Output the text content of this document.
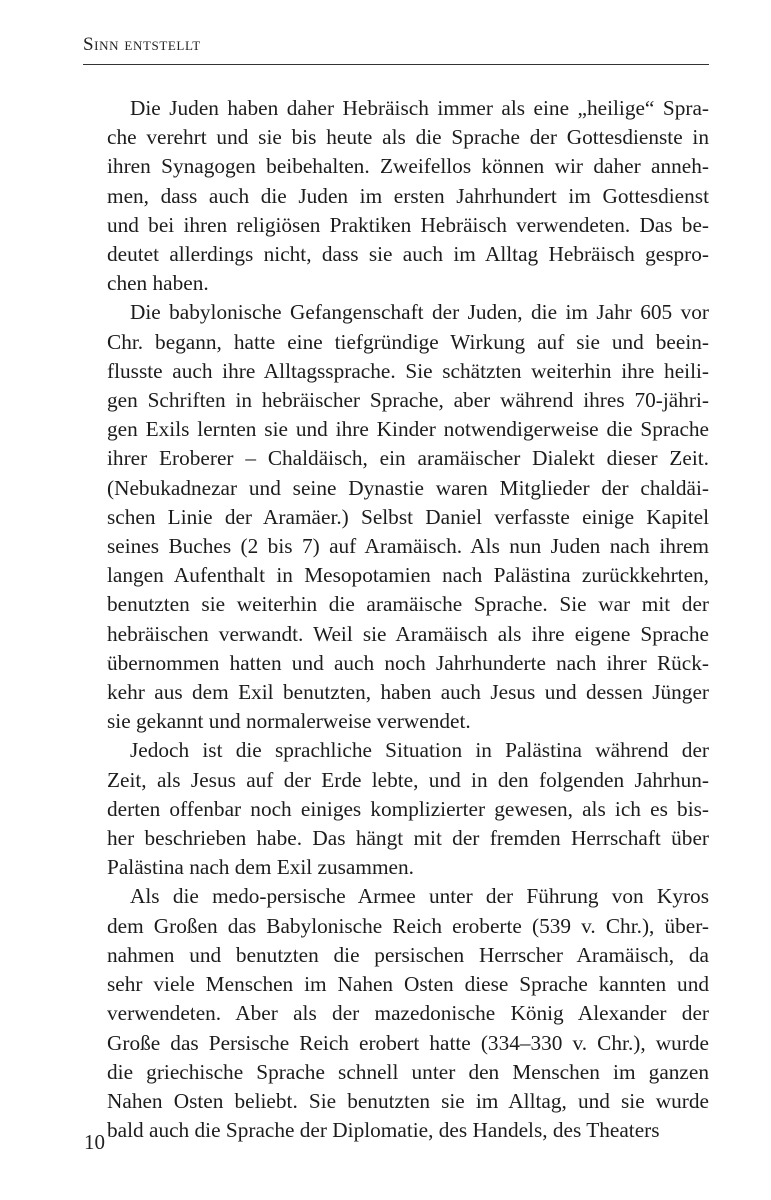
Sinn entstellt
Die Juden haben daher Hebräisch immer als eine „heilige“ Spra-
che verehrt und sie bis heute als die Sprache der Gottesdienste in
ihren Synagogen beibehalten. Zweifellos können wir daher anneh-
men, dass auch die Juden im ersten Jahrhundert im Gottesdienst
und bei ihren religiösen Praktiken Hebräisch verwendeten. Das be-
deutet allerdings nicht, dass sie auch im Alltag Hebräisch gespro-
chen haben.
Die babylonische Gefangenschaft der Juden, die im Jahr 605 vor
Chr. begann, hatte eine tiefgründige Wirkung auf sie und beein-
flusste auch ihre Alltagssprache. Sie schätzten weiterhin ihre heili-
gen Schriften in hebräischer Sprache, aber während ihres 70-jähri-
gen Exils lernten sie und ihre Kinder notwendigerweise die Sprache
ihrer Eroberer – Chaldäisch, ein aramäischer Dialekt dieser Zeit.
(Nebukadnezar und seine Dynastie waren Mitglieder der chaldäi-
schen Linie der Aramäer.) Selbst Daniel verfasste einige Kapitel
seines Buches (2 bis 7) auf Aramäisch. Als nun Juden nach ihrem
langen Aufenthalt in Mesopotamien nach Palästina zurückkehrten,
benutzten sie weiterhin die aramäische Sprache. Sie war mit der
hebräischen verwandt. Weil sie Aramäisch als ihre eigene Sprache
übernommen hatten und auch noch Jahrhunderte nach ihrer Rück-
kehr aus dem Exil benutzten, haben auch Jesus und dessen Jünger
sie gekannt und normalerweise verwendet.
Jedoch ist die sprachliche Situation in Palästina während der
Zeit, als Jesus auf der Erde lebte, und in den folgenden Jahrhun-
derten offenbar noch einiges komplizierter gewesen, als ich es bis-
her beschrieben habe. Das hängt mit der fremden Herrschaft über
Palästina nach dem Exil zusammen.
Als die medo-persische Armee unter der Führung von Kyros
dem Großen das Babylonische Reich eroberte (539 v. Chr.), über-
nahmen und benutzten die persischen Herrscher Aramäisch, da
sehr viele Menschen im Nahen Osten diese Sprache kannten und
verwendeten. Aber als der mazedonische König Alexander der
Große das Persische Reich erobert hatte (334–330 v. Chr.), wurde
die griechische Sprache schnell unter den Menschen im ganzen
Nahen Osten beliebt. Sie benutzten sie im Alltag, und sie wurde
bald auch die Sprache der Diplomatie, des Handels, des Theaters
10
